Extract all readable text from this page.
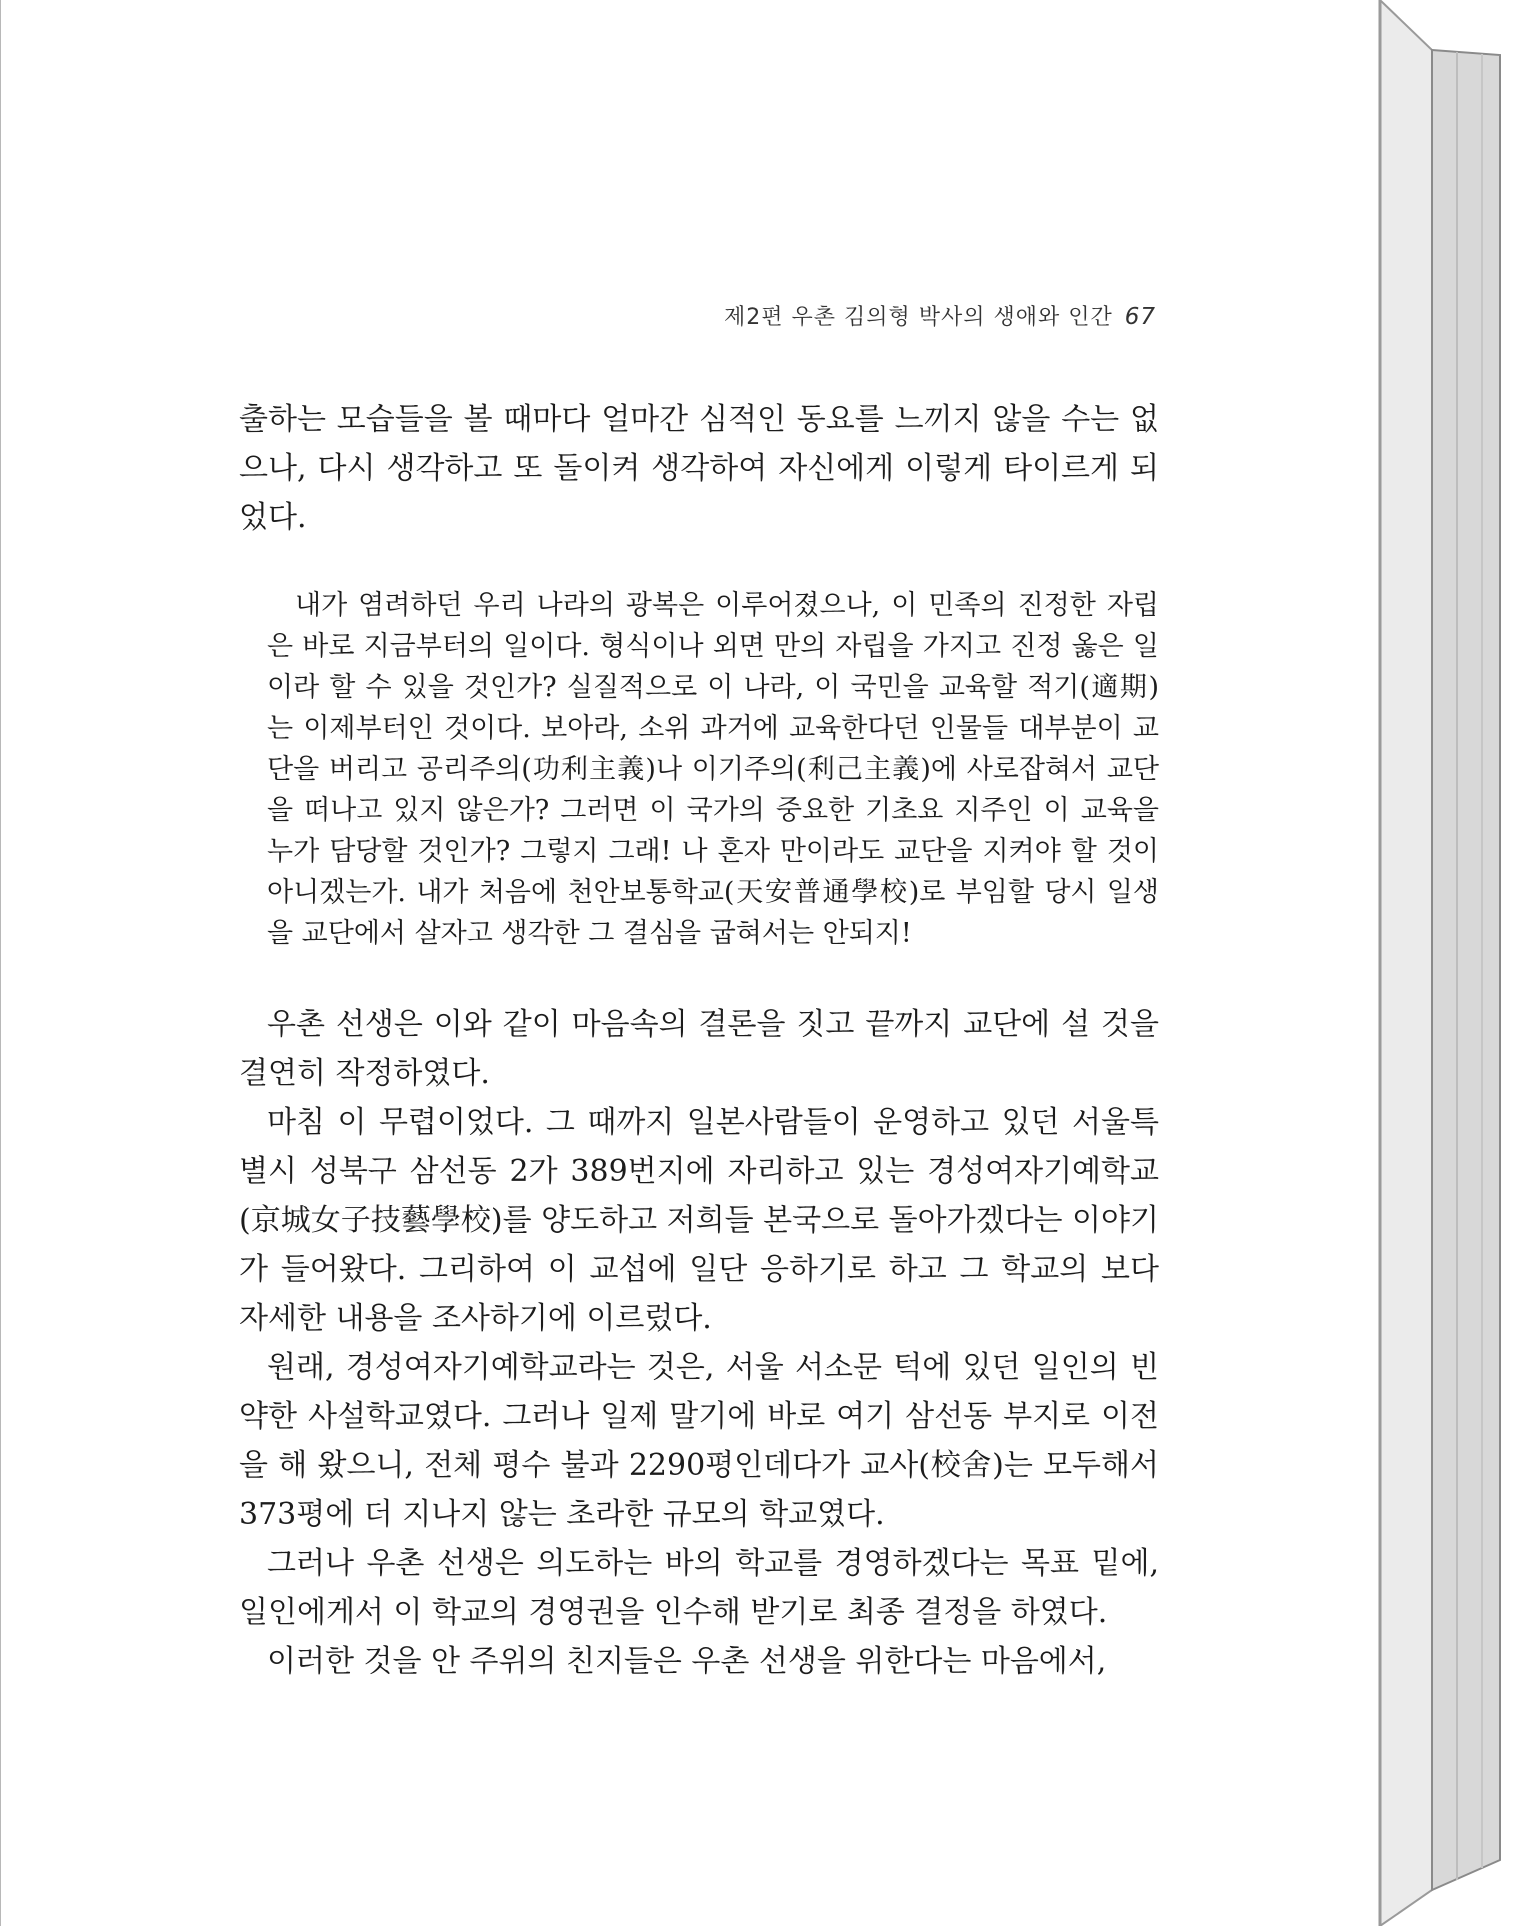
제2편 우촌 김의형 박사의 생애와 인간 67

출하는 모습들을 볼 때마다 얼마간 심적인 동요를 느끼지 않을 수는 없으나, 다시 생각하고 또 돌이켜 생각하여 자신에게 이렇게 타이르게 되었다.

내가 염려하던 우리 나라의 광복은 이루어졌으나, 이 민족의 진정한 자립은 바로 지금부터의 일이다. 형식이나 외면 만의 자립을 가지고 진정 옳은 일이라 할 수 있을 것인가? 실질적으로 이 나라, 이 국민을 교육할 적기(適期)는 이제부터인 것이다. 보아라, 소위 과거에 교육한다던 인물들 대부분이 교단을 버리고 공리주의(功利主義)나 이기주의(利己主義)에 사로잡혀서 교단을 떠나고 있지 않은가? 그러면 이 국가의 중요한 기초요 지주인 이 교육을 누가 담당할 것인가? 그렇지 그래! 나 혼자 만이라도 교단을 지켜야 할 것이 아니겠는가. 내가 처음에 천안보통학교(天安普通學校)로 부임할 당시 일생을 교단에서 살자고 생각한 그 결심을 굽혀서는 안되지!

우촌 선생은 이와 같이 마음속의 결론을 짓고 끝까지 교단에 설 것을 결연히 작정하였다.

마침 이 무렵이었다. 그 때까지 일본사람들이 운영하고 있던 서울특별시 성북구 삼선동 2가 389번지에 자리하고 있는 경성여자기예학교(京城女子技藝學校)를 양도하고 저희들 본국으로 돌아가겠다는 이야기가 들어왔다. 그리하여 이 교섭에 일단 응하기로 하고 그 학교의 보다 자세한 내용을 조사하기에 이르렀다.

원래, 경성여자기예학교라는 것은, 서울 서소문 턱에 있던 일인의 빈약한 사설학교였다. 그러나 일제 말기에 바로 여기 삼선동 부지로 이전을 해 왔으니, 전체 평수 불과 2290평인데다가 교사(校舍)는 모두해서 373평에 더 지나지 않는 초라한 규모의 학교였다.

그러나 우촌 선생은 의도하는 바의 학교를 경영하겠다는 목표 밑에, 일인에게서 이 학교의 경영권을 인수해 받기로 최종 결정을 하였다.

이러한 것을 안 주위의 친지들은 우촌 선생을 위한다는 마음에서,
